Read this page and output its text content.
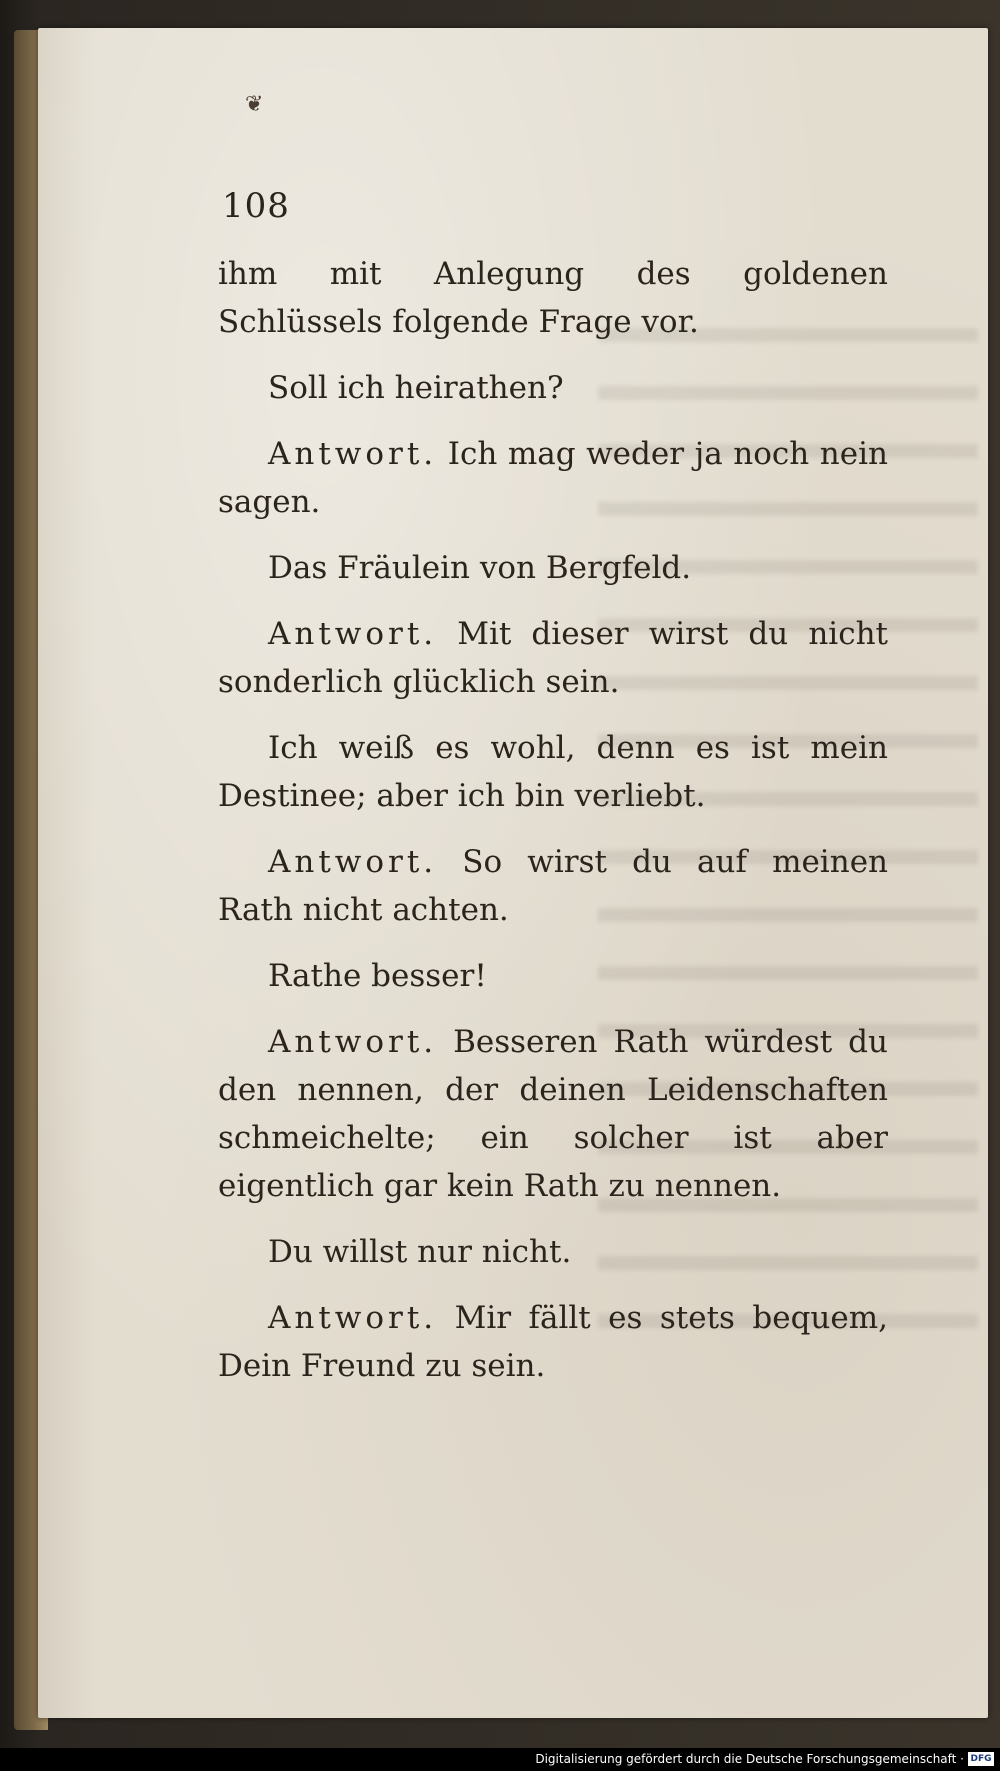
❦
108

ihm mit Anlegung des goldenen Schlüssels folgende Frage vor.

Soll ich heirathen?

Antwort. Ich mag weder ja noch nein sagen.

Das Fräulein von Bergfeld.

Antwort. Mit dieser wirst du nicht sonderlich glücklich sein.

Ich weiß es wohl, denn es ist mein Destinee; aber ich bin verliebt.

Antwort. So wirst du auf meinen Rath nicht achten.

Rathe besser!

Antwort. Besseren Rath würdest du den nennen, der deinen Leidenschaften schmeichelte; ein solcher ist aber eigentlich gar kein Rath zu nennen.

Du willst nur nicht.

Antwort. Mir fällt es stets bequem, Dein Freund zu sein.

Digitalisierung gefördert durch die Deutsche Forschungsgemeinschaft · DFG
